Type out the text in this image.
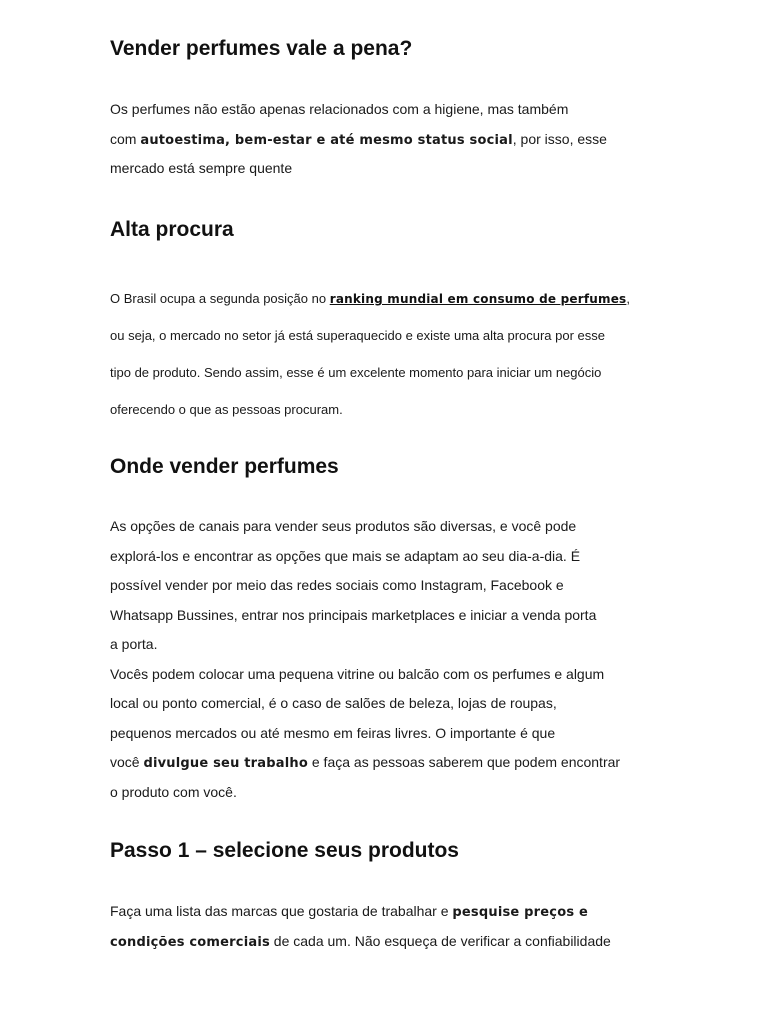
Vender perfumes vale a pena?
Os perfumes não estão apenas relacionados com a higiene, mas também
com autoestima, bem-estar e até mesmo status social, por isso, esse
mercado está sempre quente
Alta procura
O Brasil ocupa a segunda posição no ranking mundial em consumo de perfumes,
ou seja, o mercado no setor já está superaquecido e existe uma alta procura por esse
tipo de produto. Sendo assim, esse é um excelente momento para iniciar um negócio
oferecendo o que as pessoas procuram.
Onde vender perfumes
As opções de canais para vender seus produtos são diversas, e você pode
explorá-los e encontrar as opções que mais se adaptam ao seu dia-a-dia. É
possível vender por meio das redes sociais como Instagram, Facebook e
Whatsapp Bussines, entrar nos principais marketplaces e iniciar a venda porta
a porta.
Vocês podem colocar uma pequena vitrine ou balcão com os perfumes e algum
local ou ponto comercial, é o caso de salões de beleza, lojas de roupas,
pequenos mercados ou até mesmo em feiras livres. O importante é que
você divulgue seu trabalho e faça as pessoas saberem que podem encontrar
o produto com você.
Passo 1 – selecione seus produtos
Faça uma lista das marcas que gostaria de trabalhar e pesquise preços e
condições comerciais de cada um. Não esqueça de verificar a confiabilidade
